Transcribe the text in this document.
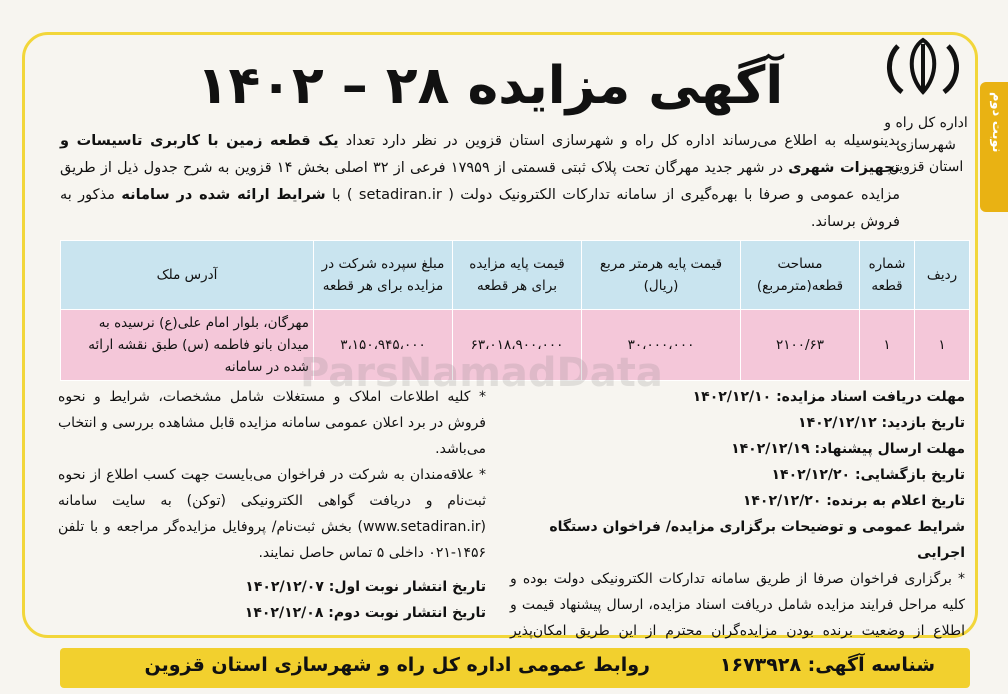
نوبت دوم
اداره کل راه و شهرسازی
استان قزوین
آگهی مزایده ۲۸ – ۱۴۰۲
بدینوسیله به اطلاع می‌رساند اداره کل راه و شهرسازی استان قزوین در نظر دارد تعداد یک قطعه زمین با کاربری تاسیسات و تجهیزات شهری در شهر جدید مهرگان تحت پلاک ثبتی قسمتی از ۱۷۹۵۹ فرعی از ۳۲ اصلی بخش ۱۴ قزوین به شرح جدول ذیل از طریق مزایده عمومی و صرفا با بهره‌گیری از سامانه تدارکات الکترونیک دولت ( setadiran.ir ) با شرایط ارائه شده در سامانه مذکور به فروش برساند.
ردیف	شماره قطعه	مساحت قطعه(مترمربع)	قیمت پایه هرمتر مربع (ریال)	قیمت پایه مزایده برای هر قطعه	مبلغ سپرده شرکت در مزایده برای هر قطعه	آدرس ملک
۱	۱	۲۱۰۰/۶۳	۳۰،۰۰۰،۰۰۰	۶۳،۰۱۸،۹۰۰،۰۰۰	۳،۱۵۰،۹۴۵،۰۰۰	مهرگان، بلوار امام علی(ع) نرسیده به میدان بانو فاطمه (س) طبق نقشه ارائه شده در سامانه

مهلت دریافت اسناد مزایده: ۱۴۰۲/۱۲/۱۰

تاریخ بازدید: ۱۴۰۲/۱۲/۱۲

مهلت ارسال پیشنهاد: ۱۴۰۲/۱۲/۱۹

تاریخ بازگشایی: ۱۴۰۲/۱۲/۲۰

تاریخ اعلام به برنده: ۱۴۰۲/۱۲/۲۰

شرایط عمومی و توضیحات برگزاری مزایده/ فراخوان دستگاه اجرایی

* برگزاری فراخوان صرفا از طریق سامانه تدارکات الکترونیکی دولت بوده و کلیه مراحل فرایند مزایده شامل دریافت اسناد مزایده، ارسال پیشنهاد قیمت و اطلاع از وضعیت برنده بودن مزایده‌گران محترم از این طریق امکان‌پذیر

* کلیه اطلاعات املاک و مستغلات شامل مشخصات، شرایط و نحوه فروش در برد اعلان عمومی سامانه مزایده قابل مشاهده بررسی و انتخاب می‌باشد.

* علاقه‌مندان به شرکت در فراخوان می‌بایست جهت کسب اطلاع از نحوه ثبت‌نام و دریافت گواهی الکترونیکی (توکن) به سایت سامانه (www.setadiran.ir) بخش ثبت‌نام/ پروفایل مزایده‌گر مراجعه و با تلفن ۱۴۵۶-۰۲۱ داخلی ۵ تماس حاصل نمایند.

تاریخ انتشار نوبت اول: ۱۴۰۲/۱۲/۰۷

تاریخ انتشار نوبت دوم: ۱۴۰۲/۱۲/۰۸

ParsNamadData
شناسه آگهی: ۱۶۷۳۹۲۸
روابط عمومی اداره کل راه و شهرسازی استان قزوین
